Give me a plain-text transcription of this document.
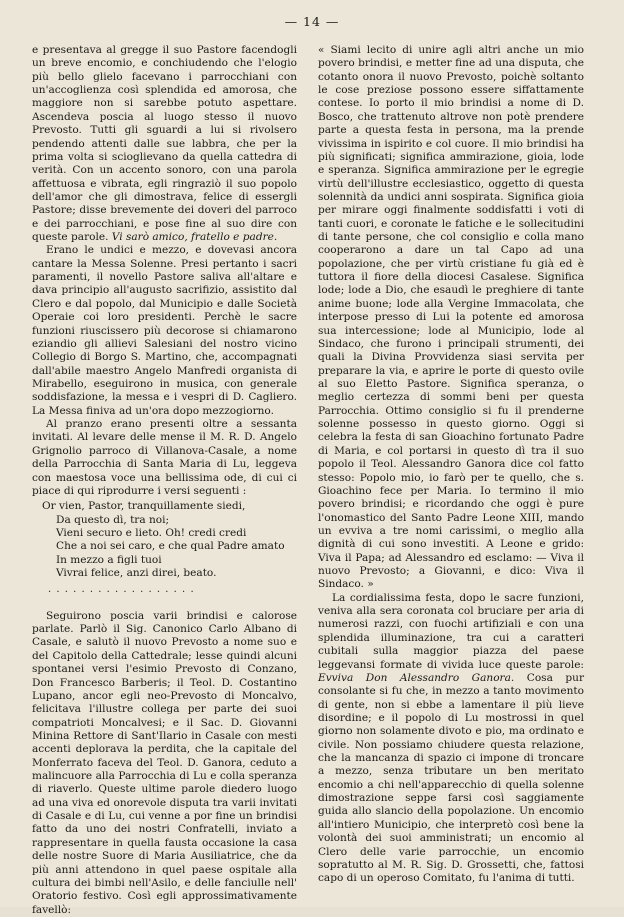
— 14 —

e presentava al gregge il suo Pastore facendogli un breve encomio, e conchiudendo che l'elogio più bello glielo facevano i parrocchiani con un'accoglienza così splendida ed amorosa, che maggiore non si sarebbe potuto aspettare. Ascendeva poscia al luogo stesso il nuovo Prevosto. Tutti gli sguardi a lui si rivolsero pendendo attenti dalle sue labbra, che per la prima volta si scioglievano da quella cattedra di verità. Con un accento sonoro, con una parola affettuosa e vibrata, egli ringraziò il suo popolo dell'amor che gli dimostrava, felice di essergli Pastore; disse brevemente dei doveri del parroco e dei parrocchiani, e pose fine al suo dire con queste parole. Vi sarò amico, fratello e padre.

Erano le undici e mezzo, e dovevasi ancora cantare la Messa Solenne. Presi pertanto i sacri paramenti, il novello Pastore saliva all'altare e dava principio all'augusto sacrifizio, assistito dal Clero e dal popolo, dal Municipio e dalle Società Operaie coi loro presidenti. Perchè le sacre funzioni riuscissero più decorose si chiamarono eziandio gli allievi Salesiani del nostro vicino Collegio di Borgo S. Martino, che, accompagnati dall'abile maestro Angelo Manfredi organista di Mirabello, eseguirono in musica, con generale soddisfazione, la messa e i vespri di D. Cagliero. La Messa finiva ad un'ora dopo mezzogiorno.

Al pranzo erano presenti oltre a sessanta invitati. Al levare delle mense il M. R. D. Angelo Grignolio parroco di Villanova-Casale, a nome della Parrocchia di Santa Maria di Lu, leggeva con maestosa voce una bellissima ode, di cui ci piace di qui riprodurre i versi seguenti :

Or vien, Pastor, tranquillamente siedi,
Da questo dì, tra noi;
Vieni securo e lieto. Oh! credi credi
Che a noi sei caro, e che qual Padre amato
In mezzo a figli tuoi
Vivrai felice, anzi direi, beato.
..................

Seguirono poscia varii brindisi e calorose parlate. Parlò il Sig. Canonico Carlo Albano di Casale, e salutò il nuovo Prevosto a nome suo e del Capitolo della Cattedrale; lesse quindi alcuni spontanei versi l'esimio Prevosto di Conzano, Don Francesco Barberis; il Teol. D. Costantino Lupano, ancor egli neo-Prevosto di Moncalvo, felicitava l'illustre collega per parte dei suoi compatrioti Moncalvesi; e il Sac. D. Giovanni Minina Rettore di Sant'Ilario in Casale con mesti accenti deplorava la perdita, che la capitale del Monferrato faceva del Teol. D. Ganora, ceduto a malincuore alla Parrocchia di Lu e colla speranza di riaverlo. Queste ultime parole diedero luogo ad una viva ed onorevole disputa tra varii invitati di Casale e di Lu, cui venne a por fine un brindisi fatto da uno dei nostri Confratelli, inviato a rappresentare in quella fausta occasione la casa delle nostre Suore di Maria Ausiliatrice, che da più anni attendono in quel paese ospitale alla cultura dei bimbi nell'Asilo, e delle fanciulle nell' Oratorio festivo. Così egli approssimativamente favellò:

« Siami lecito di unire agli altri anche un mio povero brindisi, e metter fine ad una disputa, che cotanto onora il nuovo Prevosto, poichè soltanto le cose preziose possono essere siffattamente contese. Io porto il mio brindisi a nome di D. Bosco, che trattenuto altrove non potè prendere parte a questa festa in persona, ma la prende vivissima in ispirito e col cuore. Il mio brindisi ha più significati; significa ammirazione, gioia, lode e speranza. Significa ammirazione per le egregie virtù dell'illustre ecclesiastico, oggetto di questa solennità da undici anni sospirata. Significa gioia per mirare oggi finalmente soddisfatti i voti di tanti cuori, e coronate le fatiche e le sollecitudini di tante persone, che col consiglio e colla mano cooperarono a dare un tal Capo ad una popolazione, che per virtù cristiane fu già ed è tuttora il fiore della diocesi Casalese. Significa lode; lode a Dio, che esaudì le preghiere di tante anime buone; lode alla Vergine Immacolata, che interpose presso di Lui la potente ed amorosa sua intercessione; lode al Municipio, lode al Sindaco, che furono i principali strumenti, dei quali la Divina Provvidenza siasi servita per preparare la via, e aprire le porte di questo ovile al suo Eletto Pastore. Significa speranza, o meglio certezza di sommi beni per questa Parrocchia. Ottimo consiglio si fu il prenderne solenne possesso in questo giorno. Oggi si celebra la festa di san Gioachino fortunato Padre di Maria, e col portarsi in questo dì tra il suo popolo il Teol. Alessandro Ganora dice col fatto stesso: Popolo mio, io farò per te quello, che s. Gioachino fece per Maria. Io termino il mio povero brindisi; e ricordando che oggi è pure l'onomastico del Santo Padre Leone XIII, mando un evviva a tre nomi carissimi, o meglio alla dignità di cui sono investiti. A Leone e grido: Viva il Papa; ad Alessandro ed esclamo: — Viva il nuovo Prevosto; a Giovanni, e dico: Viva il Sindaco. »

La cordialissima festa, dopo le sacre funzioni, veniva alla sera coronata col bruciare per aria di numerosi razzi, con fuochi artifiziali e con una splendida illuminazione, tra cui a caratteri cubitali sulla maggior piazza del paese leggevansi formate di vivida luce queste parole: Evviva Don Alessandro Ganora. Cosa pur consolante si fu che, in mezzo a tanto movimento di gente, non si ebbe a lamentare il più lieve disordine; e il popolo di Lu mostrossi in quel giorno non solamente divoto e pio, ma ordinato e civile. Non possiamo chiudere questa relazione, che la mancanza di spazio ci impone di troncare a mezzo, senza tributare un ben meritato encomio a chi nell'apparecchio di quella solenne dimostrazione seppe farsi così saggiamente guida allo slancio della popolazione. Un encomio all'intiero Municipio, che interpretò così bene la volontà dei suoi amministrati; un encomio al Clero delle varie parrocchie, un encomio sopratutto al M. R. Sig. D. Grossetti, che, fattosi capo di un operoso Comitato, fu l'anima di tutti.
